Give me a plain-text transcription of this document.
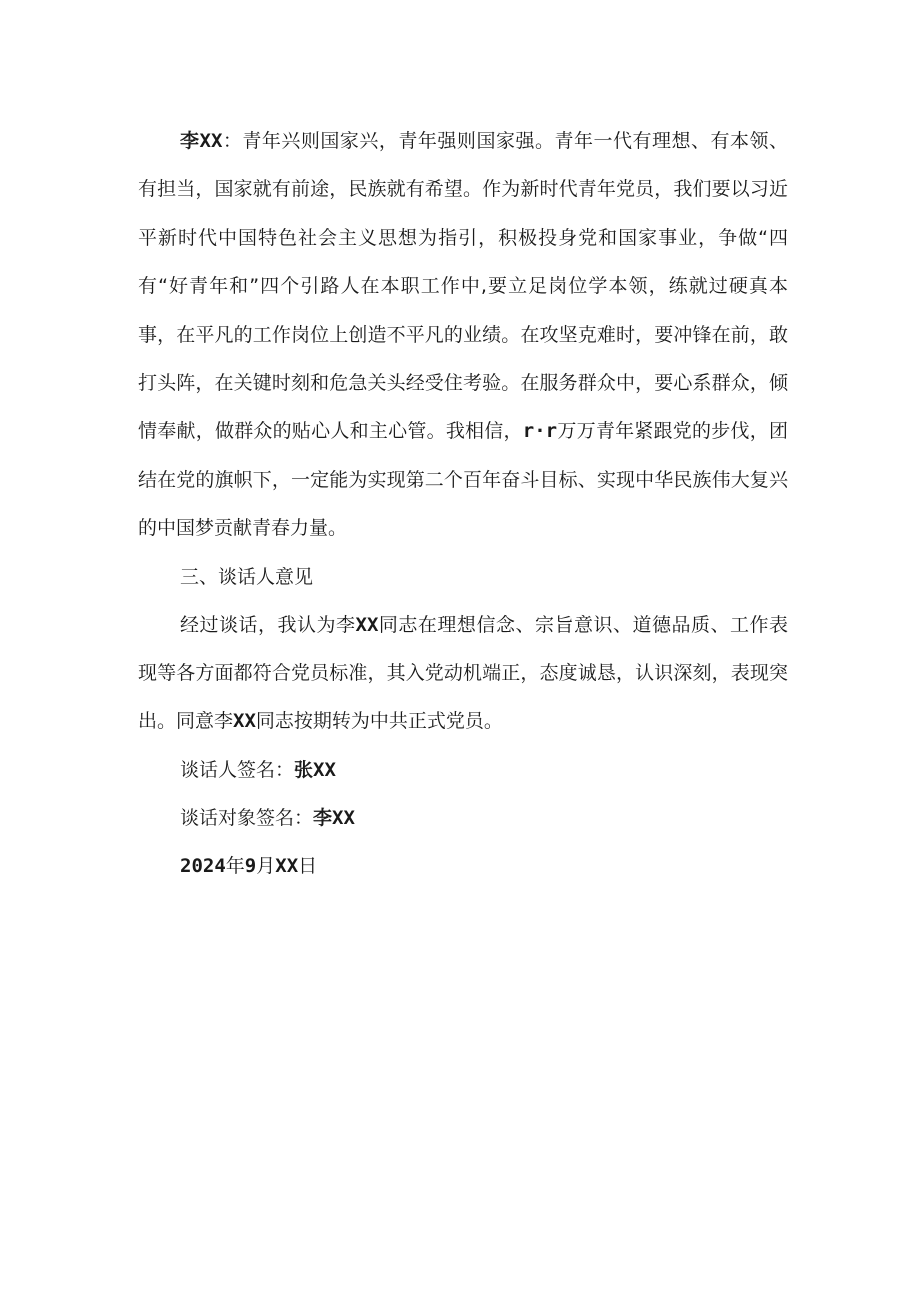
李XX：青年兴则国家兴，青年强则国家强。青年一代有理想、有本领、有担当，国家就有前途，民族就有希望。作为新时代青年党员，我们要以习近平新时代中国特色社会主义思想为指引，积极投身党和国家事业，争做“四有“好青年和”四个引路人在本职工作中,要立足岗位学本领，练就过硬真本事，在平凡的工作岗位上创造不平凡的业绩。在攻坚克难时，要冲锋在前，敢打头阵，在关键时刻和危急关头经受住考验。在服务群众中，要心系群众，倾情奉献，做群众的贴心人和主心管。我相信，r·r万万青年紧跟党的步伐，团结在党的旗帜下，一定能为实现第二个百年奋斗目标、实现中华民族伟大复兴的中国梦贡献青春力量。

三、谈话人意见

经过谈话，我认为李XX同志在理想信念、宗旨意识、道德品质、工作表现等各方面都符合党员标准，其入党动机端正，态度诚恳，认识深刻，表现突出。同意李XX同志按期转为中共正式党员。

谈话人签名：张XX

谈话对象签名：李XX

2024年9月XX日
